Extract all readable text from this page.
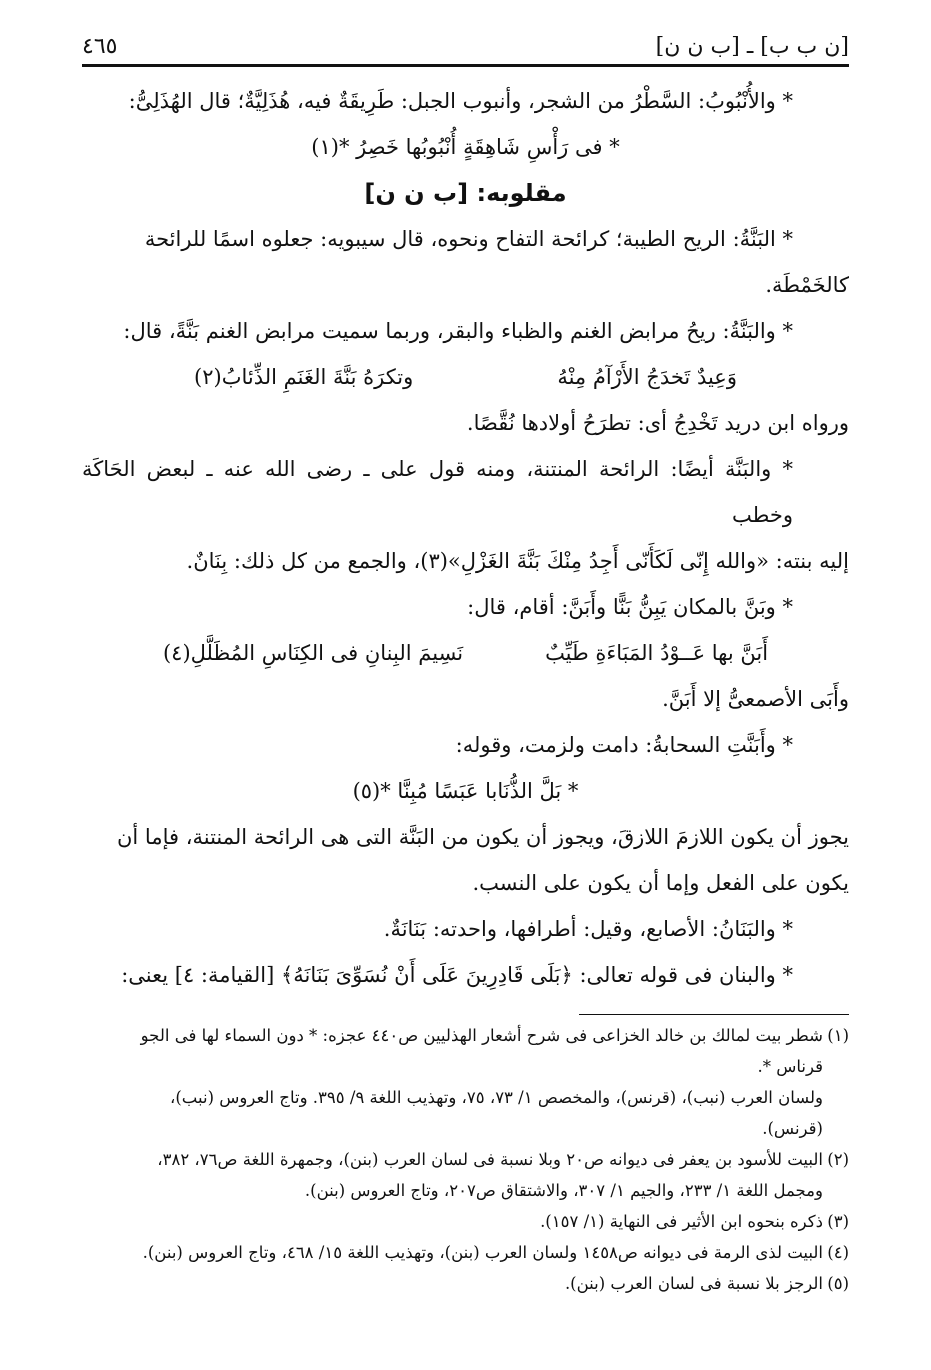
[ن ب ب] ـ [ب ن ن]
٤٦٥

* والأُنْبُوبُ: السَّطْرُ من الشجر، وأنبوب الجبل: طَرِيقَةٌ فيه، هُذَلِيَّةٌ؛ قال الهُذَلِىُّ:

* فى رَأْسِ شَاهِقَةٍ أُنْبُوبُها خَصِرُ *(١)

مقلوبه: [ب ن ن]

* البَنَّةُ: الريح الطيبة؛ كرائحة التفاح ونحوه، قال سيبويه: جعلوه اسمًا للرائحة

كالخَمْطَة.

* والبَنَّةُ: ريحُ مرابض الغنم والظباء والبقر، وربما سميت مرابض الغنم بَنَّةً، قال:

وَعِيدٌ تَخدَجُ الأَرْآمُ مِنْهُ
وتكرَهُ بَنَّةَ الغَنَمِ الذِّئابُ(٢)

ورواه ابن دريد تَخْدِجُ أى: تطرَحُ أولادها نُقَّصًا.

* والبَنَّة أيضًا: الرائحة المنتنة، ومنه قول على ـ رضى الله عنه ـ لبعض الحَاكَة وخطب

إليه بنته: «والله إِنّى لَكَأَنّى أَجِدُ مِنْكَ بَنَّةَ الغَزْلِ»(٣)، والجمع من كل ذلك: بِنَانٌ.

* وبَنَّ بالمكان يَبِنُّ بَنًّا وأَبَنَّ: أقام، قال:

أَبَنَّ بها عَــوْدُ المَبَاءَةِ طَيِّبٌ
نَسِيمَ البِنانِ فى الكِنَاسِ المُظَلَّلِ(٤)

وأَبَى الأصمعىُّ إلا أَبَنَّ.

* وأَبَنَّتِ السحابةُ: دامت ولزمت، وقوله:

* بَلَّ الذُّنَابا عَبَسًا مُبِنَّا *(٥)

يجوز أن يكون اللازمَ اللازقَ، ويجوز أن يكون من البَنَّة التى هى الرائحة المنتنة، فإما أن

يكون على الفعل وإما أن يكون على النسب.

* والبَنَانُ: الأصابع، وقيل: أطرافها، واحدته: بَنَانَةٌ.

* والبنان فى قوله تعالى: ﴿بَلَى قَادِرِينَ عَلَى أَنْ نُسَوِّىَ بَنَانَهُ﴾ [القيامة: ٤] يعنى:

(١)شطر بيت لمالك بن خالد الخزاعى فى شرح أشعار الهذليين ص٤٤٠ عجزه: * دون السماء لها فى الجو

قرناس *.

ولسان العرب (نبب)، (قرنس)، والمخصص ١/ ٧٣، ٧٥، وتهذيب اللغة ٩/ ٣٩٥. وتاج العروس (نبب)،

(قرنس).

(٢)البيت للأسود بن يعفر فى ديوانه ص٢٠ وبلا نسبة فى لسان العرب (بنن)، وجمهرة اللغة ص٧٦، ٣٨٢،

ومجمل اللغة ١/ ٢٣٣، والجيم ١/ ٣٠٧، والاشتقاق ص٢٠٧، وتاج العروس (بنن).

(٣)ذكره بنحوه ابن الأثير فى النهاية (١/ ١٥٧).

(٤)البيت لذى الرمة فى ديوانه ص١٤٥٨ ولسان العرب (بنن)، وتهذيب اللغة ١٥/ ٤٦٨، وتاج العروس (بنن).

(٥)الرجز بلا نسبة فى لسان العرب (بنن).
